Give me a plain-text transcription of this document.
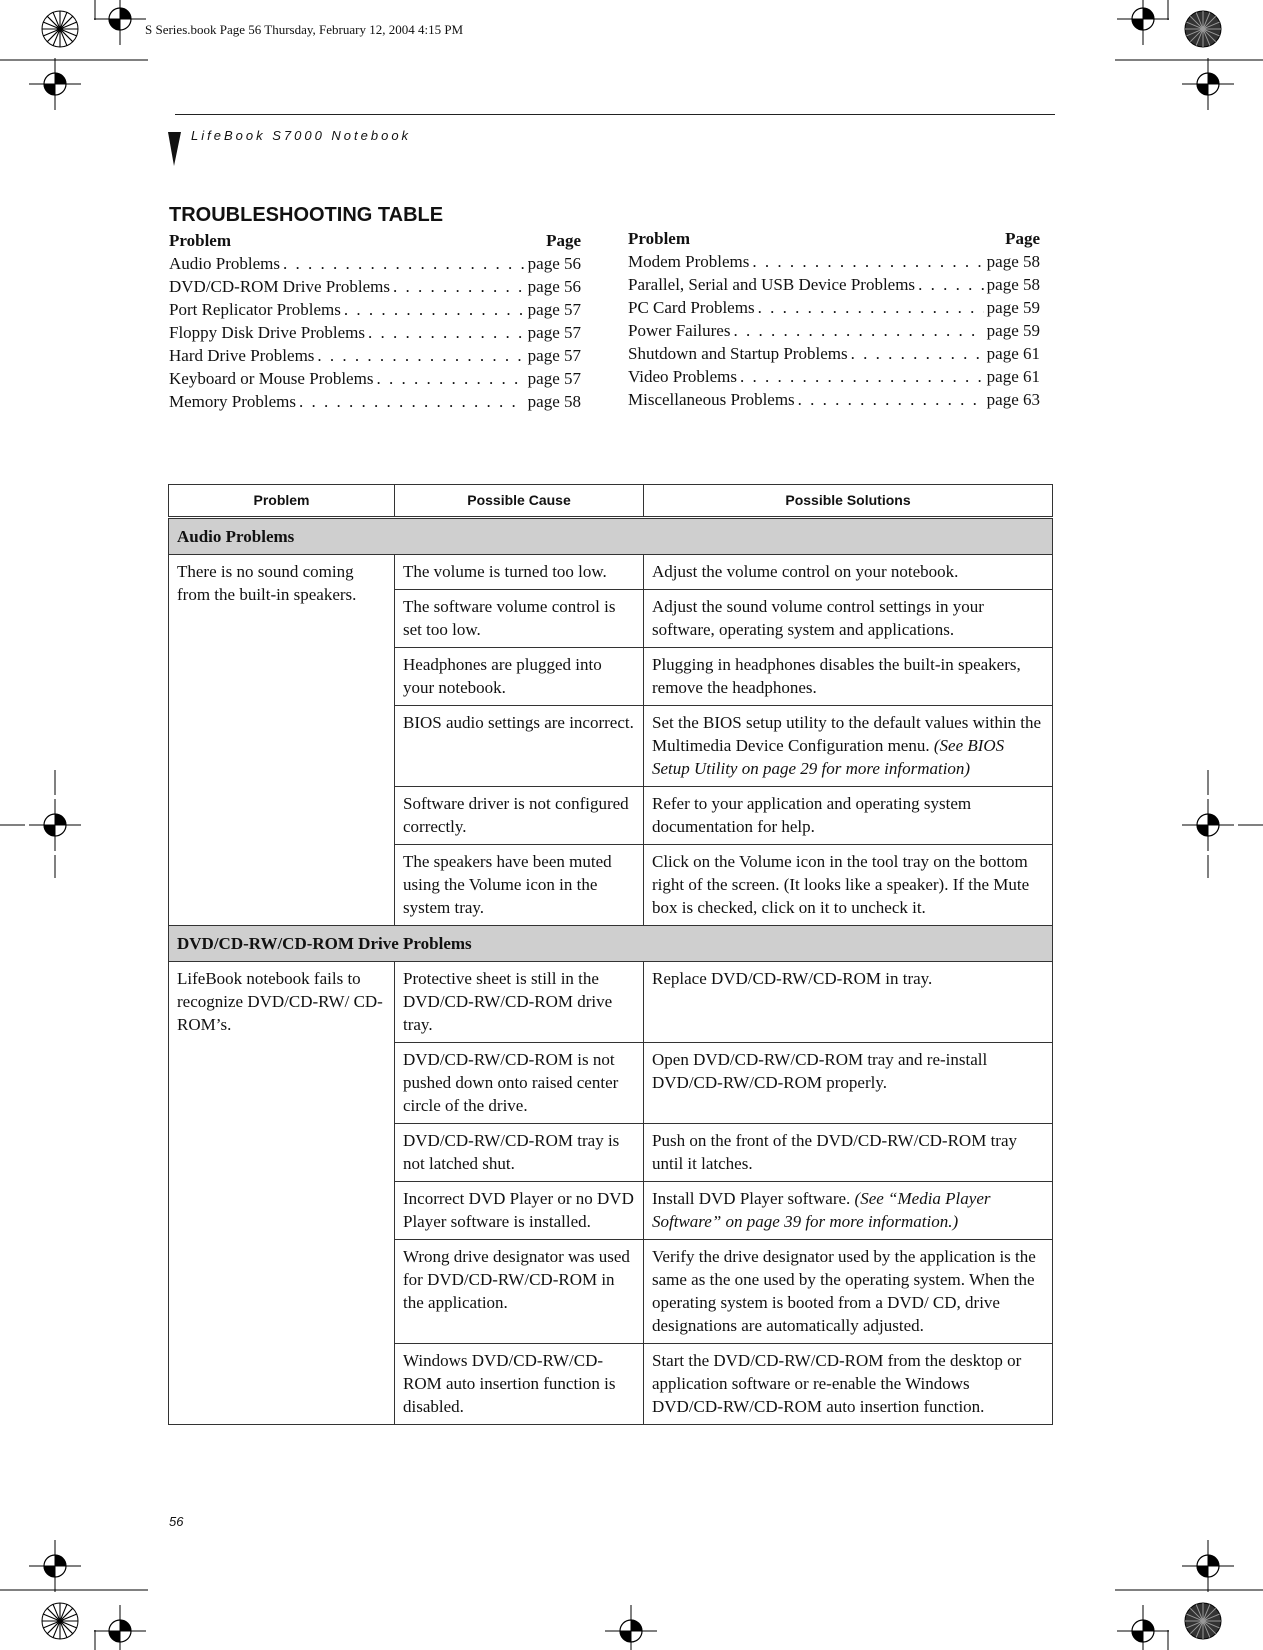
S Series.book Page 56 Thursday, February 12, 2004 4:15 PM
LifeBook S7000 Notebook
TROUBLESHOOTING TABLE
Problem	Page
Audio Problems . . .	page 56
DVD/CD-ROM Drive Problems . . .	page 56
Port Replicator Problems . . .	page 57
Floppy Disk Drive Problems . . .	page 57
Hard Drive Problems . . .	page 57
Keyboard or Mouse Problems . . .	page 57
Memory Problems . . .	page 58
Problem	Page
Modem Problems . . .	page 58
Parallel, Serial and USB Device Problems . . .	page 58
PC Card Problems . . .	page 59
Power Failures . . .	page 59
Shutdown and Startup Problems . . .	page 61
Video Problems . . .	page 61
Miscellaneous Problems . . .	page 63
Problem	Possible Cause	Possible Solutions
Audio Problems		
There is no sound coming from the built-in speakers.	The volume is turned too low.	Adjust the volume control on your notebook.
	The software volume control is set too low.	Adjust the sound volume control settings in your software, operating system and applications.
	Headphones are plugged into your notebook.	Plugging in headphones disables the built-in speakers, remove the headphones.
	BIOS audio settings are incorrect.	Set the BIOS setup utility to the default values within the Multimedia Device Configuration menu. (See BIOS Setup Utility on page 29 for more information)
	Software driver is not configured correctly.	Refer to your application and operating system documentation for help.
	The speakers have been muted using the Volume icon in the system tray.	Click on the Volume icon in the tool tray on the bottom right of the screen. (It looks like a speaker). If the Mute box is checked, click on it to uncheck it.
DVD/CD-RW/CD-ROM Drive Problems		
LifeBook notebook fails to recognize DVD/CD-RW/ CD-ROM’s.	Protective sheet is still in the DVD/CD-RW/CD-ROM drive tray.	Replace DVD/CD-RW/CD-ROM in tray.
	DVD/CD-RW/CD-ROM is not pushed down onto raised center circle of the drive.	Open DVD/CD-RW/CD-ROM tray and re-install DVD/CD-RW/CD-ROM properly.
	DVD/CD-RW/CD-ROM tray is not latched shut.	Push on the front of the DVD/CD-RW/CD-ROM tray until it latches.
	Incorrect DVD Player or no DVD Player software is installed.	Install DVD Player software. (See “Media Player Software” on page 39 for more information.)
	Wrong drive designator was used for DVD/CD-RW/CD-ROM in the application.	Verify the drive designator used by the application is the same as the one used by the operating system. When the operating system is booted from a DVD/ CD, drive designations are automatically adjusted.
	Windows DVD/CD-RW/CD-ROM auto insertion function is disabled.	Start the DVD/CD-RW/CD-ROM from the desktop or application software or re-enable the Windows DVD/CD-RW/CD-ROM auto insertion function.
56
